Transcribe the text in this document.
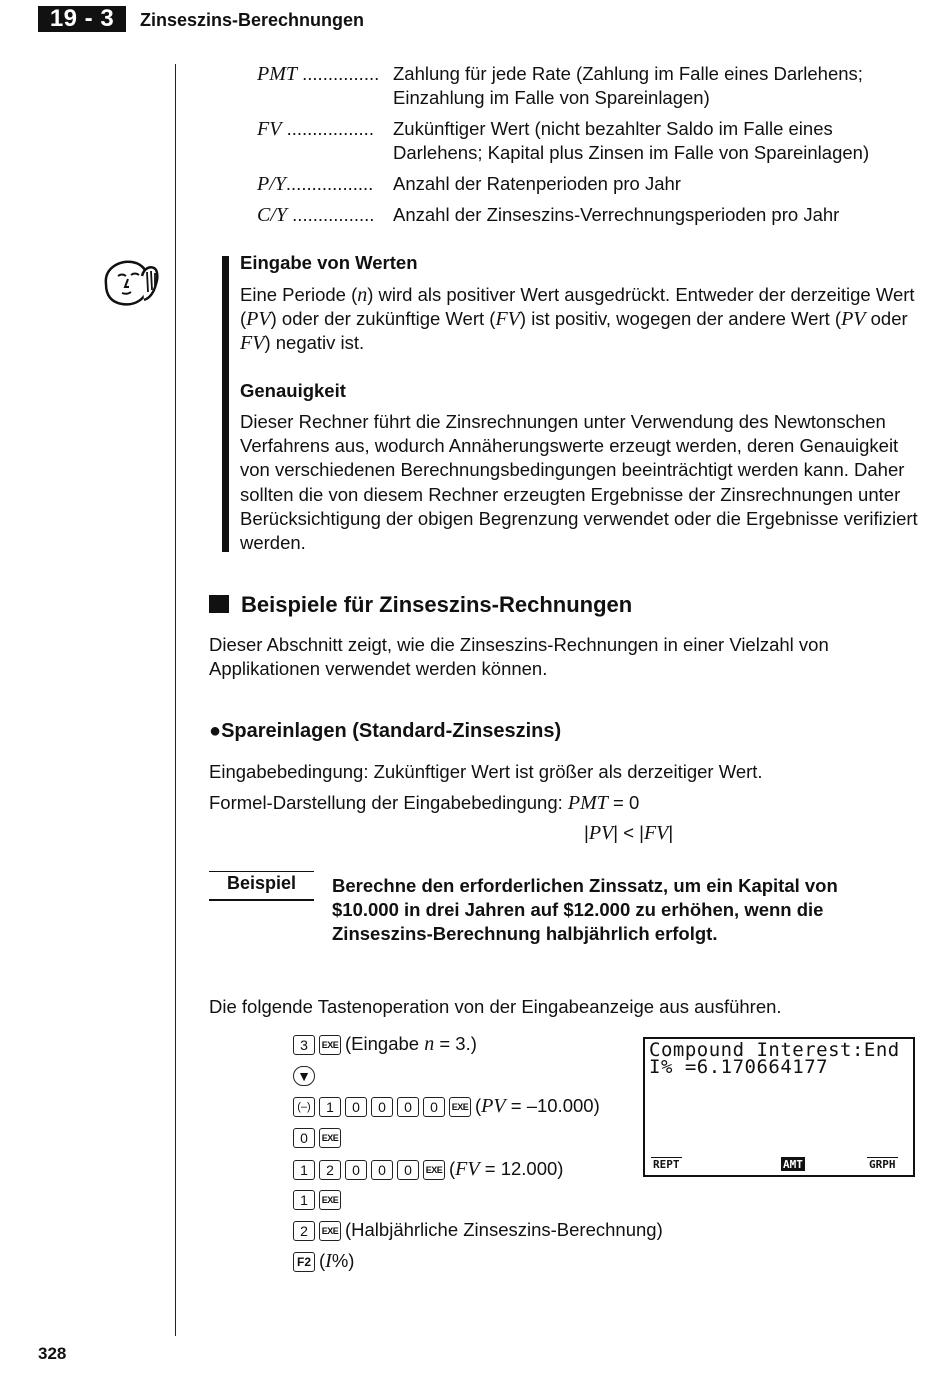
19 - 3	Zinseszins-Berechnungen
PMT ............... Zahlung für jede Rate (Zahlung im Falle eines Darlehens; Einzahlung im Falle von Spareinlagen)
FV ................. Zukünftiger Wert (nicht bezahlter Saldo im Falle eines Darlehens; Kapital plus Zinsen im Falle von Spareinlagen)
P/Y................. Anzahl der Ratenperioden pro Jahr
C/Y ................ Anzahl der Zinseszins-Verrechnungsperioden pro Jahr
Eingabe von Werten
Eine Periode (n) wird als positiver Wert ausgedrückt. Entweder der derzeitige Wert (PV) oder der zukünftige Wert (FV) ist positiv, wogegen der andere Wert (PV oder FV) negativ ist.
Genauigkeit
Dieser Rechner führt die Zinsrechnungen unter Verwendung des Newtonschen Verfahrens aus, wodurch Annäherungswerte erzeugt werden, deren Genauigkeit von verschiedenen Berechnungsbedingungen beeinträchtigt werden kann. Daher sollten die von diesem Rechner erzeugten Ergebnisse der Zinsrechnungen unter Berücksichtigung der obigen Begrenzung verwendet oder die Ergebnisse verifiziert werden.
Beispiele für Zinseszins-Rechnungen
Dieser Abschnitt zeigt, wie die Zinseszins-Rechnungen in einer Vielzahl von Applikationen verwendet werden können.
●Spareinlagen (Standard-Zinseszins)
Eingabebedingung: Zukünftiger Wert ist größer als derzeitiger Wert.
Formel-Darstellung der Eingabebedingung: PMT = 0
|PV| < |FV|
Beispiel	Berechne den erforderlichen Zinssatz, um ein Kapital von $10.000 in drei Jahren auf $12.000 zu erhöhen, wenn die Zinseszins-Berechnung halbjährlich erfolgt.
Die folgende Tastenoperation von der Eingabeanzeige aus ausführen.
3 EXE (Eingabe n = 3.)
▼
(–) 1 0 0 0 0 EXE (PV = –10.000)
0 EXE
1 2 0 0 0 EXE (FV = 12.000)
1 EXE
2 EXE (Halbjährliche Zinseszins-Berechnung)
F2 (I%)
Compound Interest:End
I% =6.170664177
REPT	AMT	GRPH
328
